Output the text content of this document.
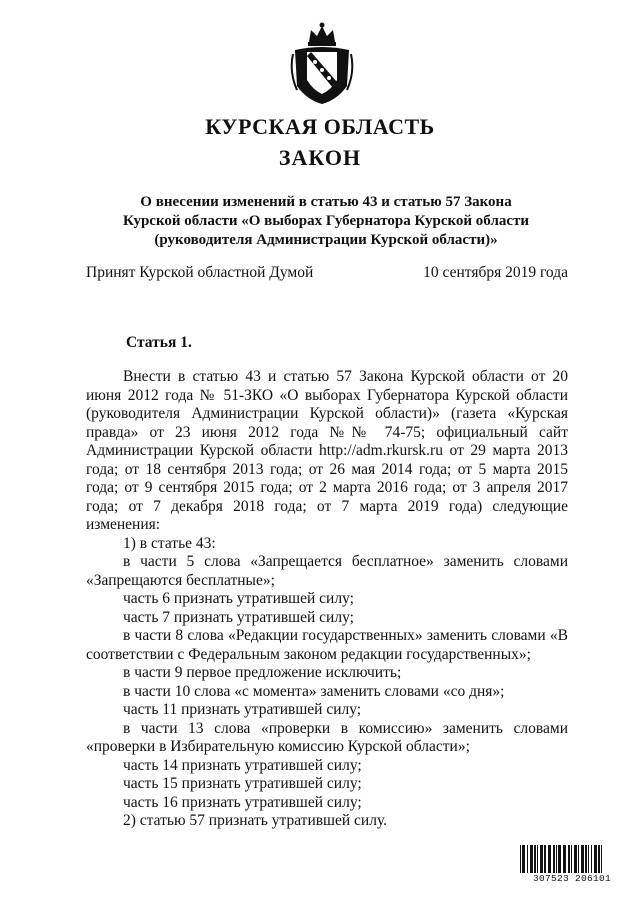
КУРСКАЯ ОБЛАСТЬ
ЗАКОН
О внесении изменений в статью 43 и статью 57 Закона
Курской области «О выборах Губернатора Курской области
(руководителя Администрации Курской области)»
Принят Курской областной Думой	10 сентября 2019 года
Статья 1.

Внести в статью 43 и статью 57 Закона Курской области от 20 июня 2012 года № 51-ЗКО «О выборах Губернатора Курской области (руководителя Администрации Курской области)» (газета «Курская правда» от 23 июня 2012 года №№ 74-75; официальный сайт Администрации Курской области http://adm.rkursk.ru от 29 марта 2013 года; от 18 сентября 2013 года; от 26 мая 2014 года; от 5 марта 2015 года; от 9 сентября 2015 года; от 2 марта 2016 года; от 3 апреля 2017 года; от 7 декабря 2018 года; от 7 марта 2019 года) следующие изменения:

1) в статье 43:

в части 5 слова «Запрещается бесплатное» заменить словами «Запрещаются бесплатные»;

часть 6 признать утратившей силу;

часть 7 признать утратившей силу;

в части 8 слова «Редакции государственных» заменить словами «В соответствии с Федеральным законом редакции государственных»;

в части 9 первое предложение исключить;

в части 10 слова «с момента» заменить словами «со дня»;

часть 11 признать утратившей силу;

в части 13 слова «проверки в комиссию» заменить словами «проверки в Избирательную комиссию Курской области»;

часть 14 признать утратившей силу;

часть 15 признать утратившей силу;

часть 16 признать утратившей силу;

2) статью 57 признать утратившей силу.

307523 206101
